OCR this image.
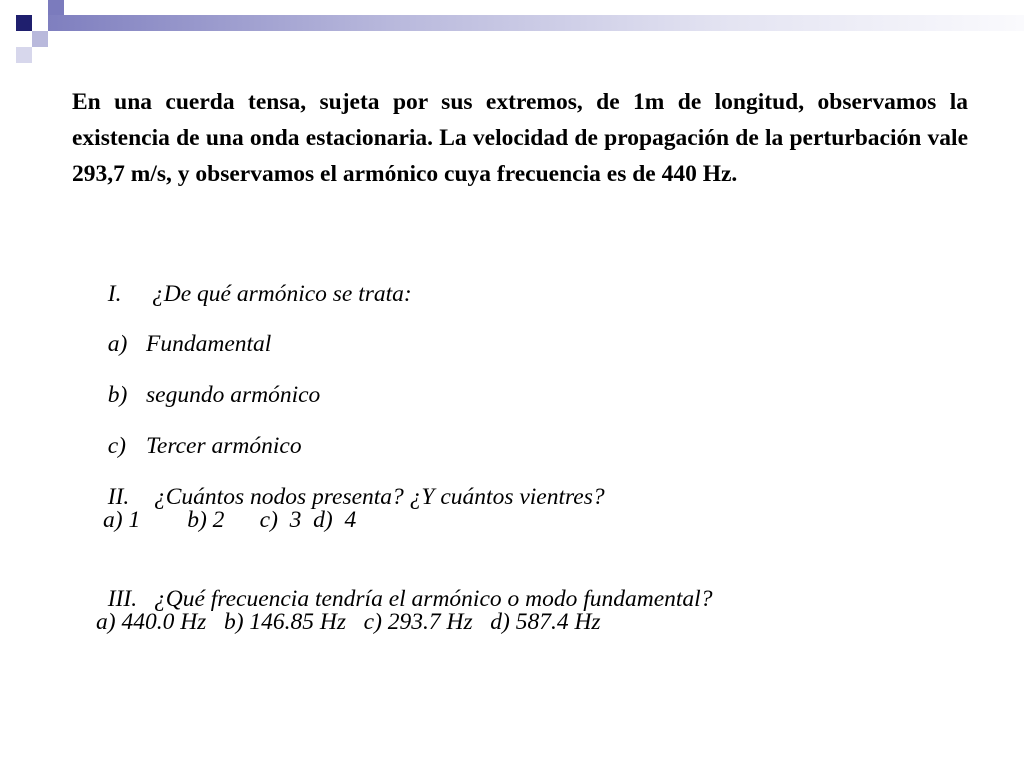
En una cuerda tensa, sujeta por sus extremos, de 1m de longitud, observamos la existencia de una onda estacionaria. La velocidad de propagación de la perturbación vale 293,7 m/s, y observamos el armónico cuya frecuencia es de 440 Hz.

I. ¿De qué armónico se trata:

a) Fundamental

b) segundo armónico

c) Tercer armónico

II. ¿Cuántos nodos presenta? ¿Y cuántos vientres?

a) 1        b) 2      c)  3  d)  4

III. ¿Qué frecuencia tendría el armónico o modo fundamental?

a) 440.0 Hz   b) 146.85 Hz   c) 293.7 Hz   d) 587.4 Hz
